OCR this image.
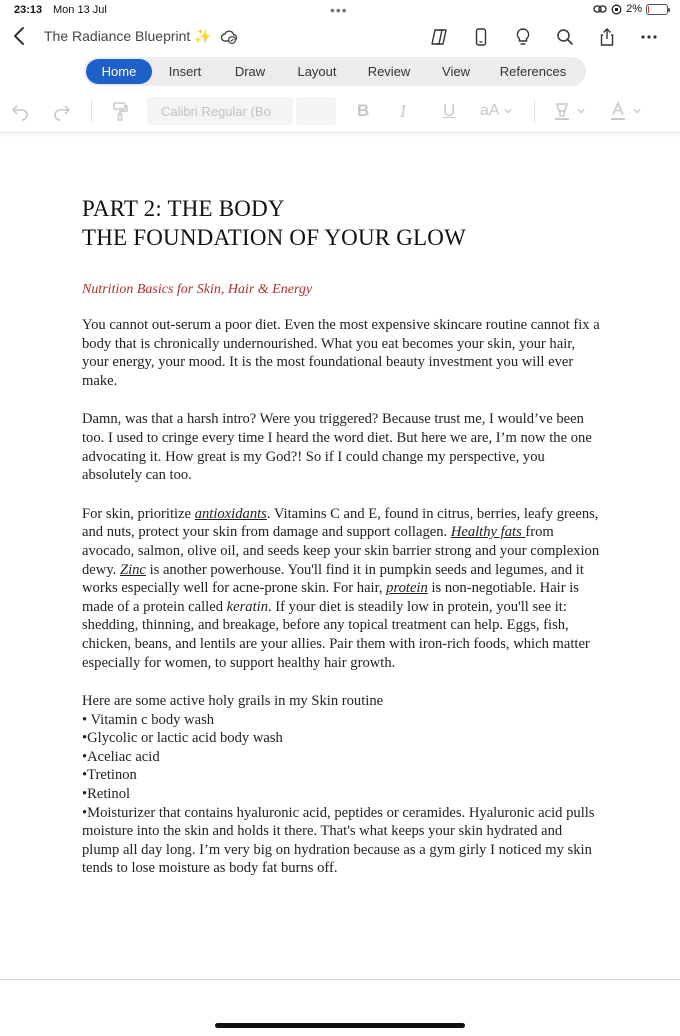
23:13 Mon 13 Jul	•••	2%
The Radiance Blueprint ✨
Home	Insert	Draw	Layout	Review	View	References
Calibri Regular (Bo	B I U aA
PART 2: THE BODY
THE FOUNDATION OF YOUR GLOW
Nutrition Basics for Skin, Hair & Energy

You cannot out-serum a poor diet. Even the most expensive skincare routine cannot fix a body that is chronically undernourished. What you eat becomes your skin, your hair, your energy, your mood. It is the most foundational beauty investment you will ever make.

Damn, was that a harsh intro? Were you triggered? Because trust me, I would’ve been too. I used to cringe every time I heard the word diet. But here we are, I’m now the one advocating it. How great is my God?! So if I could change my perspective, you absolutely can too.

For skin, prioritize antioxidants. Vitamins C and E, found in citrus, berries, leafy greens, and nuts, protect your skin from damage and support collagen. Healthy fats from avocado, salmon, olive oil, and seeds keep your skin barrier strong and your complexion dewy. Zinc is another powerhouse. You'll find it in pumpkin seeds and legumes, and it works especially well for acne-prone skin. For hair, protein is non-negotiable. Hair is made of a protein called keratin. If your diet is steadily low in protein, you'll see it: shedding, thinning, and breakage, before any topical treatment can help. Eggs, fish, chicken, beans, and lentils are your allies. Pair them with iron-rich foods, which matter especially for women, to support healthy hair growth.

Here are some active holy grails in my Skin routine
• Vitamin c body wash
•Glycolic or lactic acid body wash
•Aceliac acid
•Tretinon
•Retinol
•Moisturizer that contains hyaluronic acid, peptides or ceramides. Hyaluronic acid pulls moisture into the skin and holds it there. That's what keeps your skin hydrated and plump all day long. I’m very big on hydration because as a gym girly I noticed my skin tends to lose moisture as body fat burns off.
